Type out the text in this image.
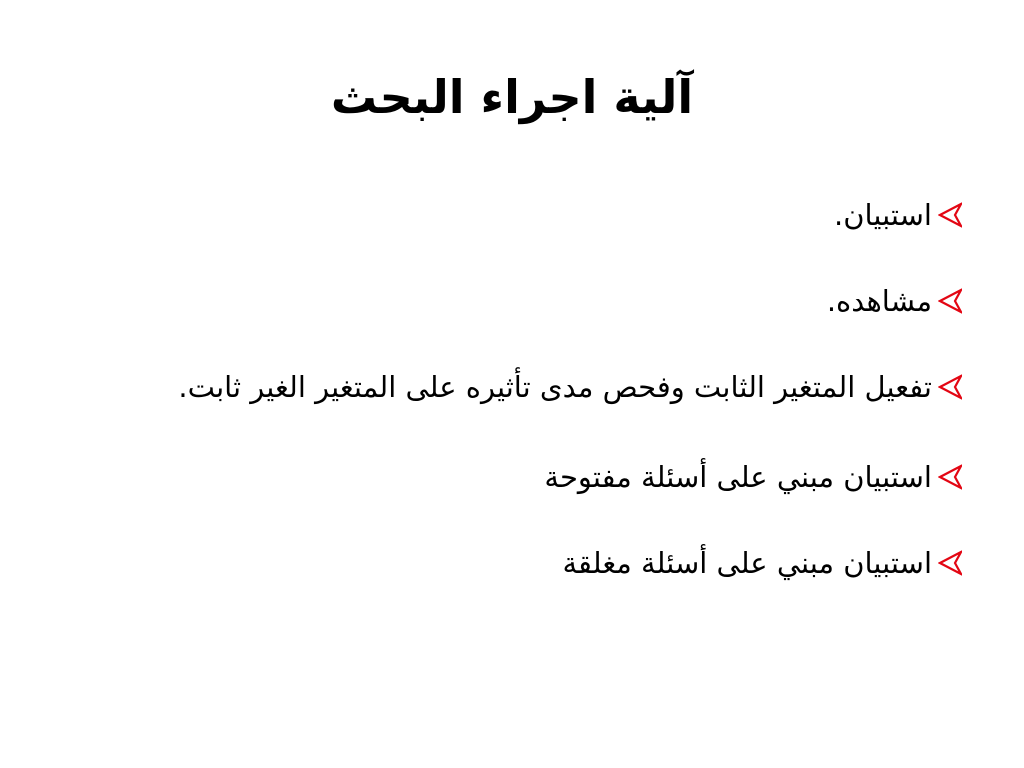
آلية اجراء البحث
استبيان.
مشاهده.
تفعيل المتغير الثابت وفحص مدى تأثيره على المتغير الغير ثابت.
استبيان مبني على أسئلة مفتوحة
استبيان مبني على أسئلة مغلقة
